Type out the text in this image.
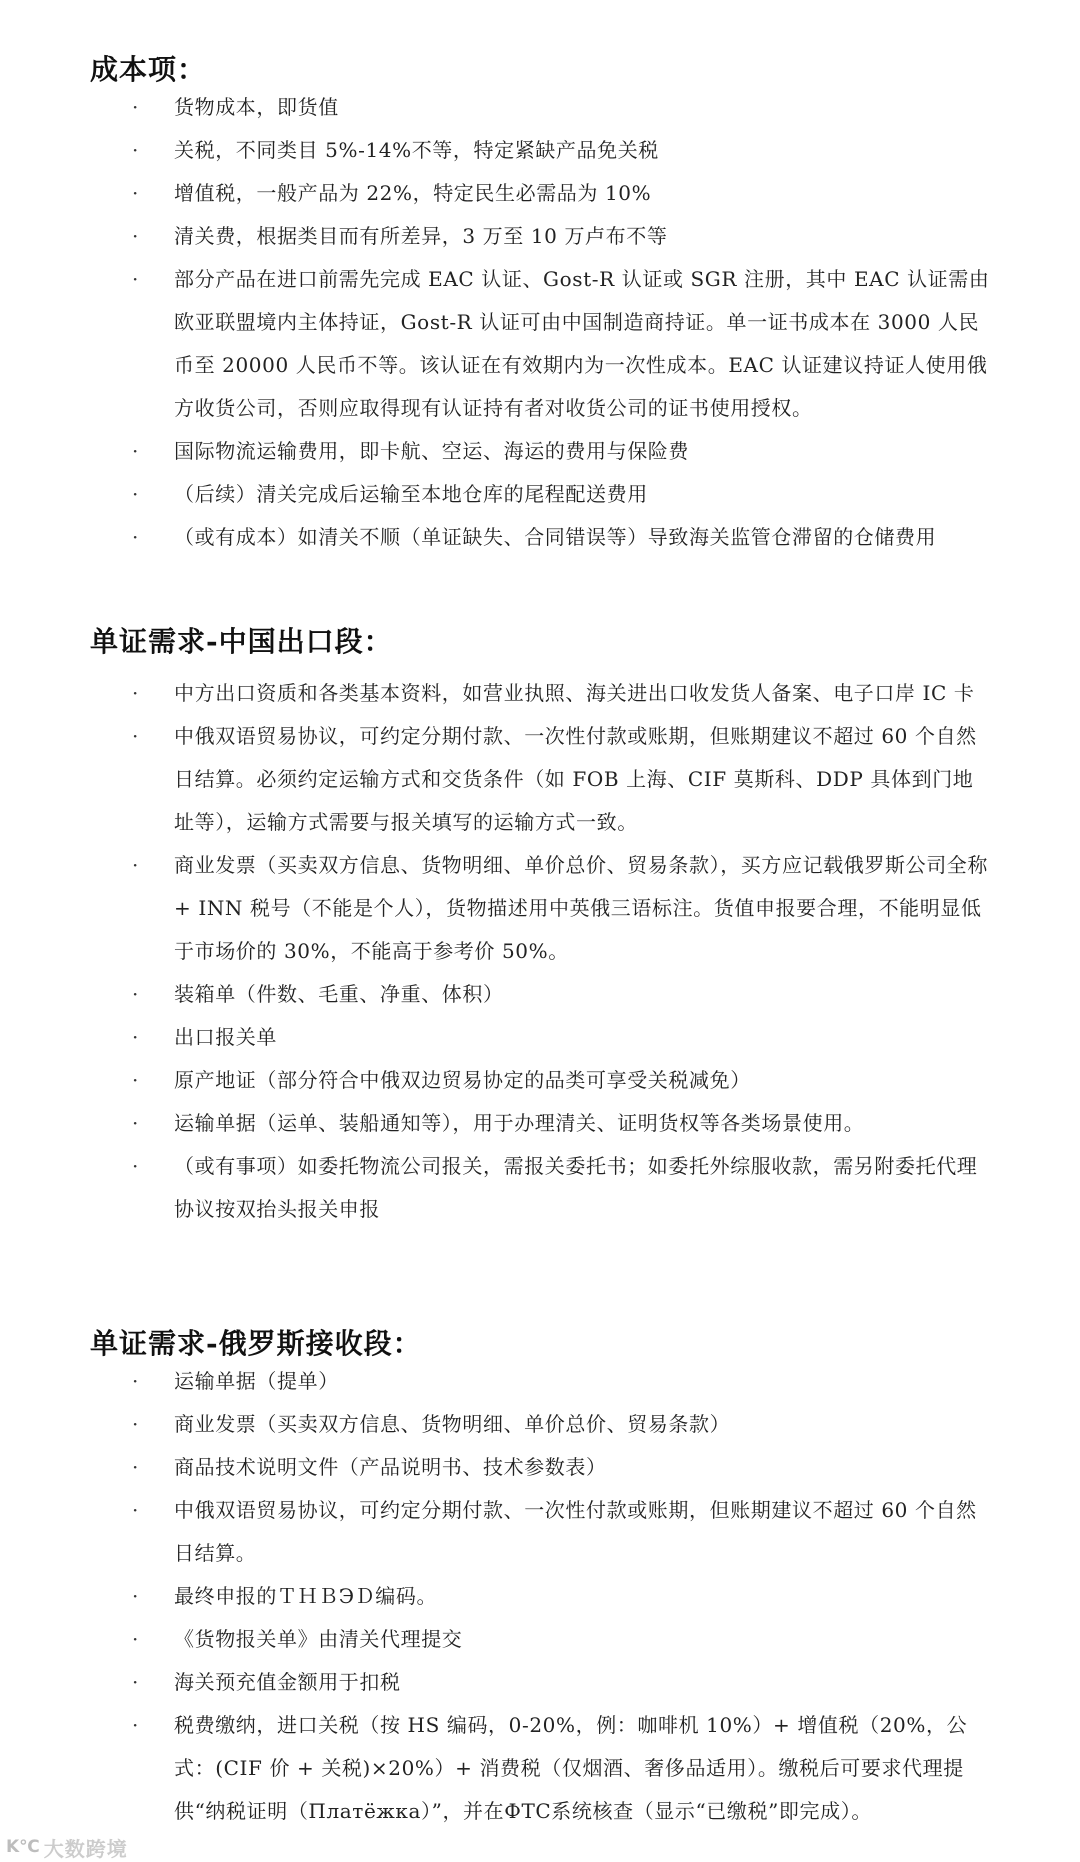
成本项：
· 货物成本，即货值
· 关税，不同类目 5%-14%不等，特定紧缺产品免关税
· 增值税，一般产品为 22%，特定民生必需品为 10%
· 清关费，根据类目而有所差异，3 万至 10 万卢布不等
· 部分产品在进口前需先完成 EAC 认证、Gost-R 认证或 SGR 注册，其中 EAC 认证需由欧亚联盟境内主体持证，Gost-R 认证可由中国制造商持证。单一证书成本在 3000 人民币至 20000 人民币不等。该认证在有效期内为一次性成本。EAC 认证建议持证人使用俄方收货公司，否则应取得现有认证持有者对收货公司的证书使用授权。
· 国际物流运输费用，即卡航、空运、海运的费用与保险费
· （后续）清关完成后运输至本地仓库的尾程配送费用
· （或有成本）如清关不顺（单证缺失、合同错误等）导致海关监管仓滞留的仓储费用
单证需求-中国出口段：
· 中方出口资质和各类基本资料，如营业执照、海关进出口收发货人备案、电子口岸 IC 卡
· 中俄双语贸易协议，可约定分期付款、一次性付款或账期，但账期建议不超过 60 个自然日结算。必须约定运输方式和交货条件（如 FOB 上海、CIF 莫斯科、DDP 具体到门地址等），运输方式需要与报关填写的运输方式一致。
· 商业发票（买卖双方信息、货物明细、单价总价、贸易条款），买方应记载俄罗斯公司全称 + INN 税号（不能是个人），货物描述用中英俄三语标注。货值申报要合理，不能明显低于市场价的 30%，不能高于参考价 50%。
· 装箱单（件数、毛重、净重、体积）
· 出口报关单
· 原产地证（部分符合中俄双边贸易协定的品类可享受关税减免）
· 运输单据（运单、装船通知等），用于办理清关、证明货权等各类场景使用。
· （或有事项）如委托物流公司报关，需报关委托书；如委托外综服收款，需另附委托代理协议按双抬头报关申报
单证需求-俄罗斯接收段：
· 运输单据（提单）
· 商业发票（买卖双方信息、货物明细、单价总价、贸易条款）
· 商品技术说明文件（产品说明书、技术参数表）
· 中俄双语贸易协议，可约定分期付款、一次性付款或账期，但账期建议不超过 60 个自然日结算。
· 最终申报的ＴＨＢЭＤ编码。
· 《货物报关单》由清关代理提交
· 海关预充值金额用于扣税
· 税费缴纳，进口关税（按 HS 编码，0-20%，例：咖啡机 10%）+ 增值税（20%，公式：(CIF 价 + 关税)×20%）+ 消费税（仅烟酒、奢侈品适用）。缴税后可要求代理提供“纳税证明（Платёжка）”，并在ФТС系统核查（显示“已缴税”即完成）。
K℃ 大数跨境
